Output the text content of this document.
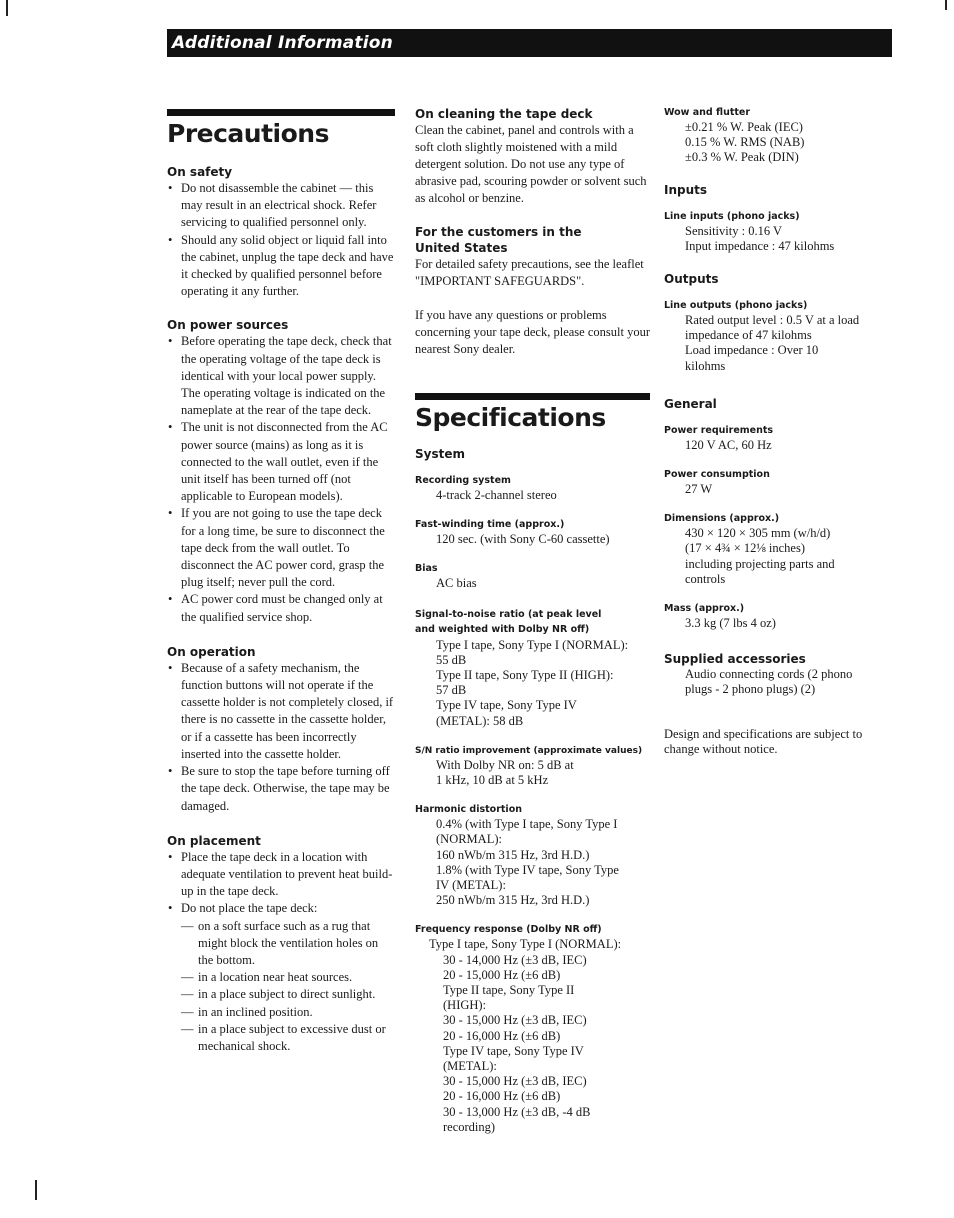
Additional Information
Precautions
On safety
• Do not disassemble the cabinet — this may result in an electrical shock. Refer servicing to qualified personnel only.
• Should any solid object or liquid fall into the cabinet, unplug the tape deck and have it checked by qualified personnel before operating it any further.
On power sources
• Before operating the tape deck, check that the operating voltage of the tape deck is identical with your local power supply. The operating voltage is indicated on the nameplate at the rear of the tape deck.
• The unit is not disconnected from the AC power source (mains) as long as it is connected to the wall outlet, even if the unit itself has been turned off (not applicable to European models).
• If you are not going to use the tape deck for a long time, be sure to disconnect the tape deck from the wall outlet. To disconnect the AC power cord, grasp the plug itself; never pull the cord.
• AC power cord must be changed only at the qualified service shop.
On operation
• Because of a safety mechanism, the function buttons will not operate if the cassette holder is not completely closed, if there is no cassette in the cassette holder, or if a cassette has been incorrectly inserted into the cassette holder.
• Be sure to stop the tape before turning off the tape deck. Otherwise, the tape may be damaged.
On placement
• Place the tape deck in a location with adequate ventilation to prevent heat build-up in the tape deck.
• Do not place the tape deck:
— on a soft surface such as a rug that might block the ventilation holes on the bottom.
— in a location near heat sources.
— in a place subject to direct sunlight.
— in an inclined position.
— in a place subject to excessive dust or mechanical shock.
On cleaning the tape deck

Clean the cabinet, panel and controls with a soft cloth slightly moistened with a mild detergent solution. Do not use any type of abrasive pad, scouring powder or solvent such as alcohol or benzine.

For the customers in the United States

For detailed safety precautions, see the leaflet "IMPORTANT SAFEGUARDS".

If you have any questions or problems concerning your tape deck, please consult your nearest Sony dealer.

Specifications
System
Recording system
4-track 2-channel stereo
Fast-winding time (approx.)
120 sec. (with Sony C-60 cassette)
Bias
AC bias
Signal-to-noise ratio (at peak level and weighted with Dolby NR off)
Type I tape, Sony Type I (NORMAL):
55 dB
Type II tape, Sony Type II (HIGH):
57 dB
Type IV tape, Sony Type IV
(METAL): 58 dB
S/N ratio improvement (approximate values)
With Dolby NR on: 5 dB at
1 kHz, 10 dB at 5 kHz
Harmonic distortion
0.4% (with Type I tape, Sony Type I
(NORMAL):
160 nWb/m 315 Hz, 3rd H.D.)
1.8% (with Type IV tape, Sony Type
IV (METAL):
250 nWb/m 315 Hz, 3rd H.D.)
Frequency response (Dolby NR off)
Type I tape, Sony Type I (NORMAL):
30 - 14,000 Hz (±3 dB, IEC)
20 - 15,000 Hz (±6 dB)
Type II tape, Sony Type II
(HIGH):
30 - 15,000 Hz (±3 dB, IEC)
20 - 16,000 Hz (±6 dB)
Type IV tape, Sony Type IV
(METAL):
30 - 15,000 Hz (±3 dB, IEC)
20 - 16,000 Hz (±6 dB)
30 - 13,000 Hz (±3 dB, -4 dB
recording)
Wow and flutter
±0.21 % W. Peak (IEC)
0.15 % W. RMS (NAB)
±0.3 % W. Peak (DIN)
Inputs
Line inputs (phono jacks)
Sensitivity : 0.16 V
Input impedance : 47 kilohms
Outputs
Line outputs (phono jacks)
Rated output level : 0.5 V at a load
impedance of 47 kilohms
Load impedance : Over 10
kilohms
General
Power requirements
120 V AC, 60 Hz
Power consumption
27 W
Dimensions (approx.)
430 × 120 × 305 mm (w/h/d)
(17 × 4¾ × 12⅛ inches)
including projecting parts and
controls
Mass (approx.)
3.3 kg (7 lbs 4 oz)
Supplied accessories
Audio connecting cords (2 phono
plugs - 2 phono plugs) (2)

Design and specifications are subject to change without notice.
